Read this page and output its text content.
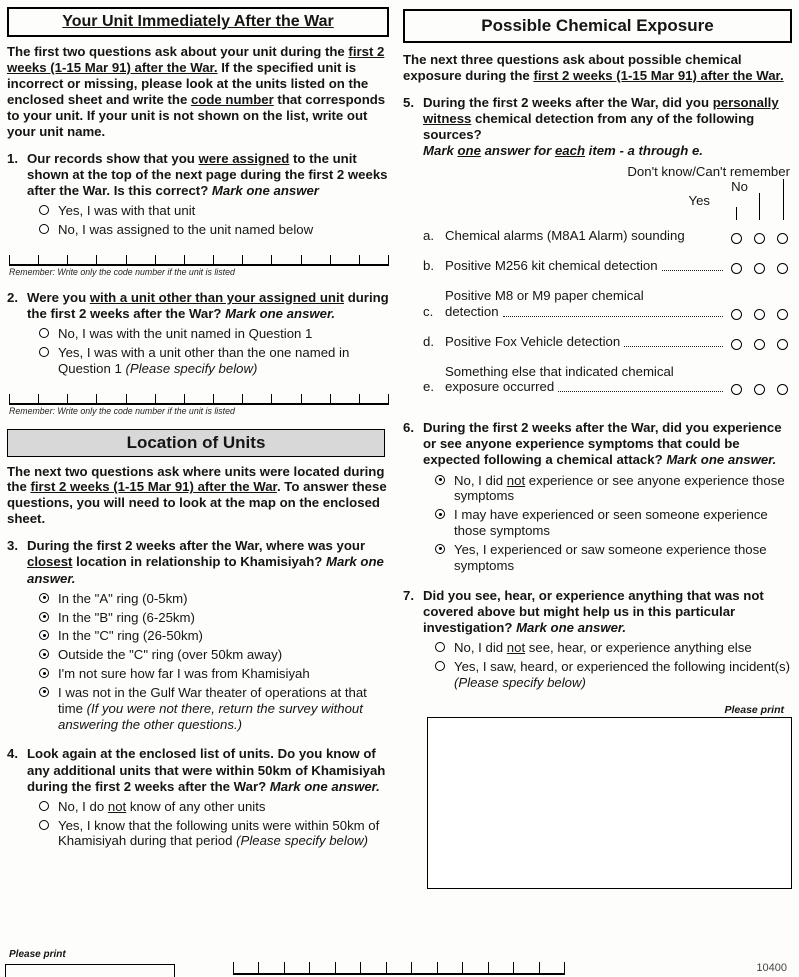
Your Unit Immediately After the War

The first two questions ask about your unit during the first 2 weeks (1-15 Mar 91) after the War. If the specified unit is incorrect or missing, please look at the units listed on the enclosed sheet and write the code number that corresponds to your unit. If your unit is not shown on the list, write out your unit name.

1. Our records show that you were assigned to the unit shown at the top of the next page during the first 2 weeks after the War. Is this correct? Mark one answer

Yes, I was with that unit
No, I was assigned to the unit named below
Remember: Write only the code number if the unit is listed
2. Were you with a unit other than your assigned unit during the first 2 weeks after the War? Mark one answer.

No, I was with the unit named in Question 1
Yes, I was with a unit other than the one named in Question 1 (Please specify below)
Remember: Write only the code number if the unit is listed
Location of Units

The next two questions ask where units were located during the first 2 weeks (1-15 Mar 91) after the War. To answer these questions, you will need to look at the map on the enclosed sheet.

3. During the first 2 weeks after the War, where was your closest location in relationship to Khamisiyah? Mark one answer.

In the "A" ring (0-5km)
In the "B" ring (6-25km)
In the "C" ring (26-50km)
Outside the "C" ring (over 50km away)
I'm not sure how far I was from Khamisiyah
I was not in the Gulf War theater of operations at that time (If you were not there, return the survey without answering the other questions.)
4. Look again at the enclosed list of units. Do you know of any additional units that were within 50km of Khamisiyah during the first 2 weeks after the War? Mark one answer.

No, I do not know of any other units
Yes, I know that the following units were within 50km of Khamisiyah during that period (Please specify below)
Possible Chemical Exposure

The next three questions ask about possible chemical exposure during the first 2 weeks (1-15 Mar 91) after the War.

5. During the first 2 weeks after the War, did you personally witness chemical detection from any of the following sources?

Mark one answer for each item - a through e.

Don't know/Can't remember
No
Yes
a. Chemical alarms (M8A1 Alarm) sounding
b. Positive M256 kit chemical detection
c.
Positive M8 or M9 paper chemical
detection
d. Positive Fox Vehicle detection
e.
Something else that indicated chemical
exposure occurred
6. During the first 2 weeks after the War, did you experience or see anyone experience symptoms that could be expected following a chemical attack? Mark one answer.

No, I did not experience or see anyone experience those symptoms
I may have experienced or seen someone experience those symptoms
Yes, I experienced or saw someone experience those symptoms
7. Did you see, hear, or experience anything that was not covered above but might help us in this particular investigation? Mark one answer.

No, I did not see, hear, or experience anything else
Yes, I saw, heard, or experienced the following incident(s) (Please specify below)
Please print
Please print
10400
